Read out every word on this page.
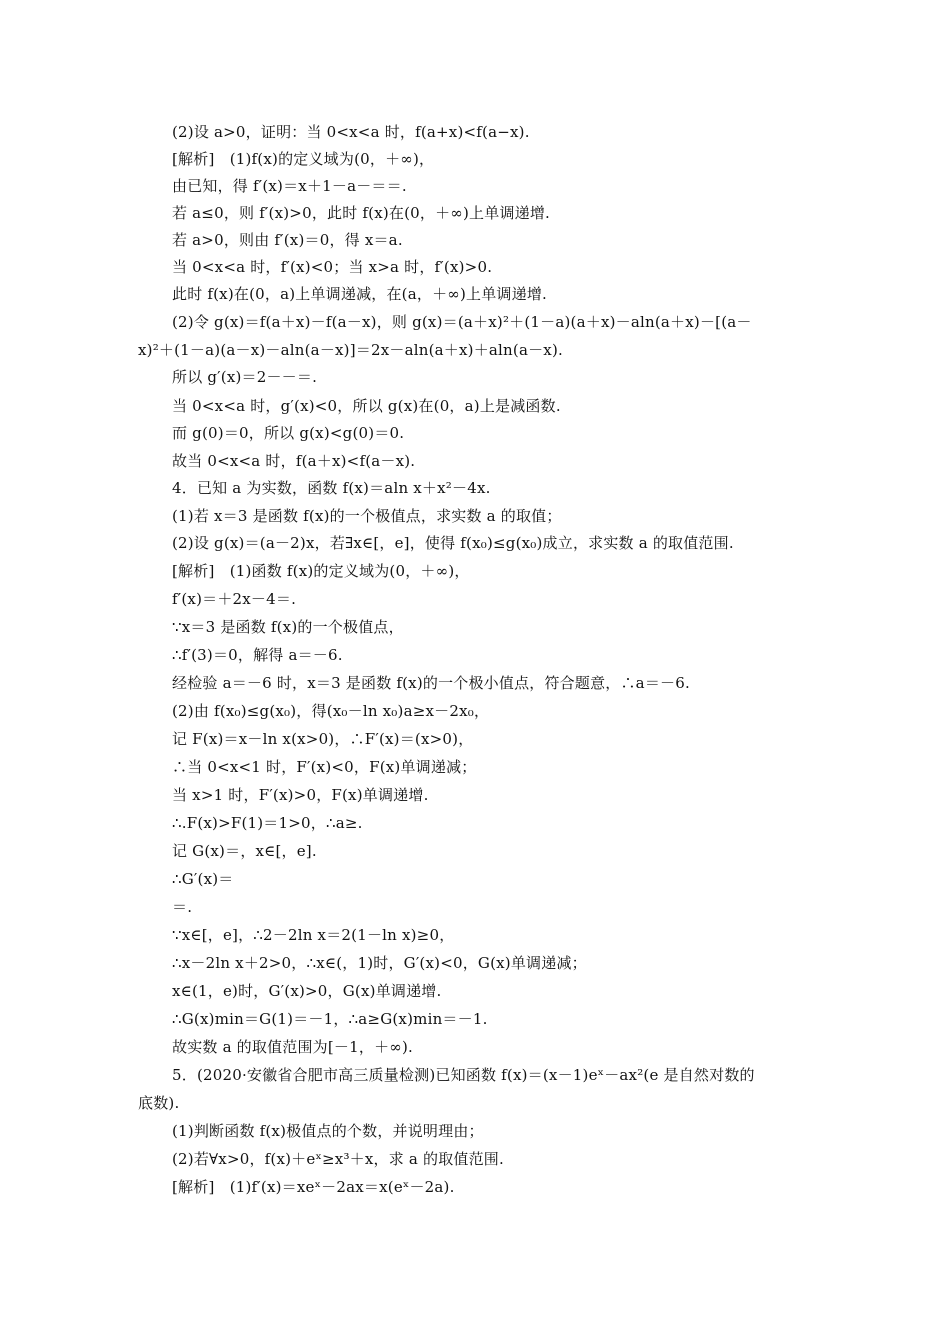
(2)设 a>0，证明：当 0<x<a 时，f(a+x)<f(a−x).
[解析]　(1)f(x)的定义域为(0，＋∞)，
由已知，得 f′(x)＝x＋1－a－＝＝.
若 a≤0，则 f′(x)>0，此时 f(x)在(0，＋∞)上单调递增.
若 a>0，则由 f′(x)＝0，得 x＝a.
当 0<x<a 时，f′(x)<0；当 x>a 时，f′(x)>0.
此时 f(x)在(0，a)上单调递减，在(a，＋∞)上单调递增.
(2)令 g(x)＝f(a＋x)－f(a－x)，则 g(x)＝(a＋x)²＋(1－a)(a＋x)－aln(a＋x)－[(a－
x)²＋(1－a)(a－x)－aln(a－x)]＝2x－aln(a＋x)＋aln(a－x).
所以 g′(x)＝2－－＝.
当 0<x<a 时，g′(x)<0，所以 g(x)在(0，a)上是减函数.
而 g(0)＝0，所以 g(x)<g(0)＝0.
故当 0<x<a 时，f(a＋x)<f(a－x).
4．已知 a 为实数，函数 f(x)＝aln x＋x²－4x.
(1)若 x＝3 是函数 f(x)的一个极值点，求实数 a 的取值；
(2)设 g(x)＝(a－2)x，若∃x∈[，e]，使得 f(x₀)≤g(x₀)成立，求实数 a 的取值范围.
[解析]　(1)函数 f(x)的定义域为(0，＋∞)，
f′(x)＝＋2x－4＝.
∵x＝3 是函数 f(x)的一个极值点，
∴f′(3)＝0，解得 a＝－6.
经检验 a＝－6 时，x＝3 是函数 f(x)的一个极小值点，符合题意，∴a＝－6.
(2)由 f(x₀)≤g(x₀)，得(x₀－ln x₀)a≥x－2x₀，
记 F(x)＝x－ln x(x>0)，∴F′(x)＝(x>0)，
∴当 0<x<1 时，F′(x)<0，F(x)单调递减；
当 x>1 时，F′(x)>0，F(x)单调递增.
∴.F(x)>F(1)＝1>0，∴a≥.
记 G(x)＝，x∈[，e].
∴G′(x)＝
＝.
∵x∈[，e]，∴2－2ln x＝2(1－ln x)≥0，
∴x－2ln x＋2>0，∴x∈(，1)时，G′(x)<0，G(x)单调递减；
x∈(1，e)时，G′(x)>0，G(x)单调递增.
∴G(x)min＝G(1)＝－1，∴a≥G(x)min＝－1.
故实数 a 的取值范围为[－1，＋∞).
5．(2020·安徽省合肥市高三质量检测)已知函数 f(x)＝(x－1)eˣ－ax²(e 是自然对数的
底数).
(1)判断函数 f(x)极值点的个数，并说明理由；
(2)若∀x>0，f(x)＋eˣ≥x³＋x，求 a 的取值范围.
[解析]　(1)f′(x)＝xeˣ－2ax＝x(eˣ－2a).
